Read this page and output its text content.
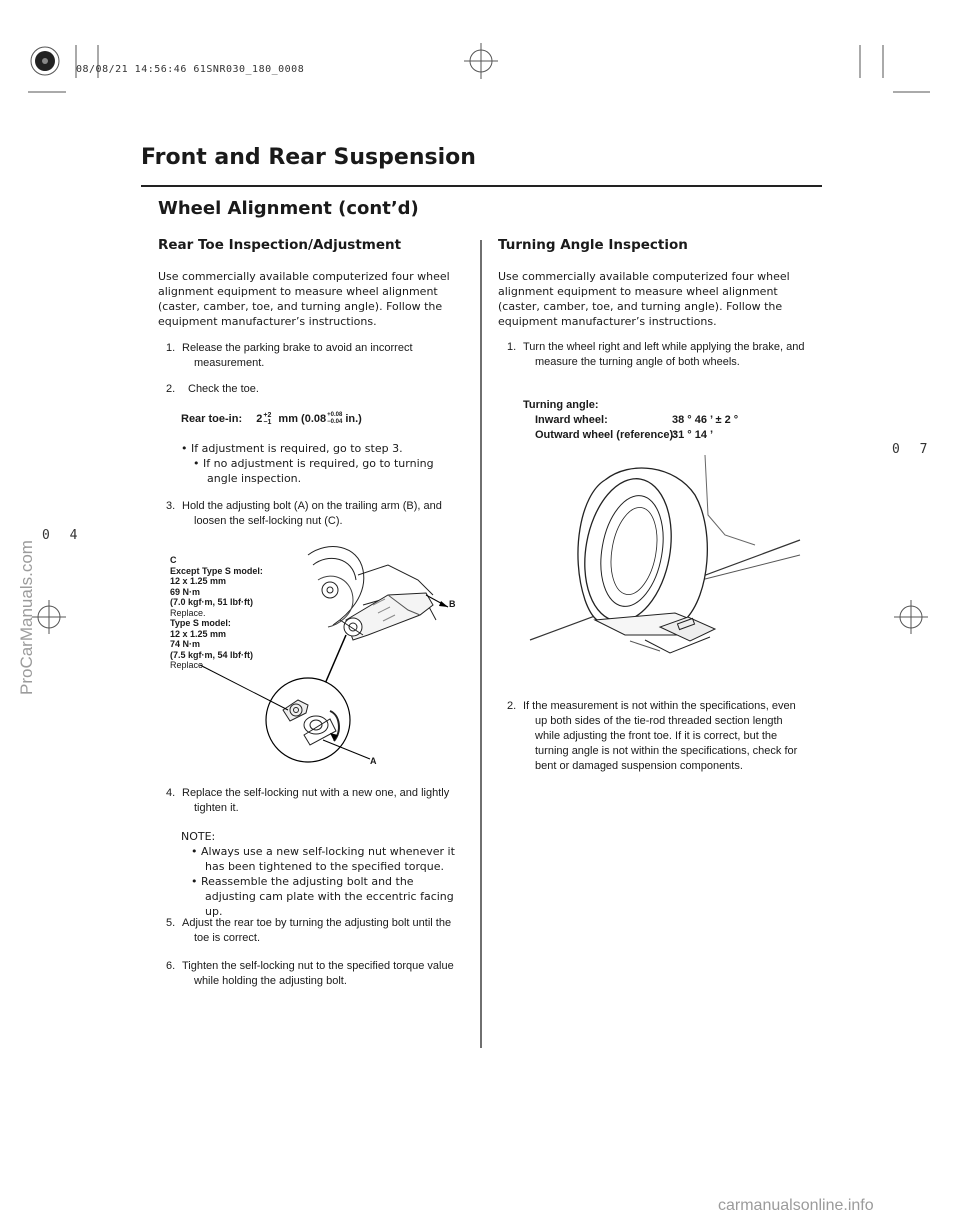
08/08/21 14:56:46 61SNR030_180_0008
Front and Rear Suspension
Wheel Alignment (cont’d)
ProCarManuals.com
0 7
0 4
Rear Toe Inspection/Adjustment
Use commercially available computerized four wheel alignment equipment to measure wheel alignment (caster, camber, toe, and turning angle). Follow the equipment manufacturer’s instructions.
1. Release the parking brake to avoid an incorrect measurement.
2.	Check the toe.
Rear toe-in: 2 +2
−1 mm (0.08 +0.08
−0.04 in.)
• If adjustment is required, go to step 3.
• If no adjustment is required, go to turning angle inspection.
3. Hold the adjusting bolt (A) on the trailing arm (B), and loosen the self-locking nut (C).
C
Except Type S model:
12 x 1.25 mm
69 N·m
(7.0 kgf·m, 51 lbf·ft)
Replace.
Type S model:
12 x 1.25 mm
74 N·m
(7.5 kgf·m, 54 lbf·ft)
Replace.
B
A
4. Replace the self-locking nut with a new one, and lightly tighten it.
NOTE:
• Always use a new self-locking nut whenever it has been tightened to the specified torque.
• Reassemble the adjusting bolt and the adjusting cam plate with the eccentric facing up.
5. Adjust the rear toe by turning the adjusting bolt until the toe is correct.
6. Tighten the self-locking nut to the specified torque value while holding the adjusting bolt.
Turning Angle Inspection
Use commercially available computerized four wheel alignment equipment to measure wheel alignment (caster, camber, toe, and turning angle). Follow the equipment manufacturer’s instructions.
1. Turn the wheel right and left while applying the brake, and measure the turning angle of both wheels.
Turning angle:
Inward wheel:	38 ° 46 ’ ± 2 °
Outward wheel (reference):
31 ° 14 ’
2. If the measurement is not within the specifications, even up both sides of the tie-rod threaded section length while adjusting the front toe. If it is correct, but the turning angle is not within the specifications, check for bent or damaged suspension components.
carmanualsonline.info
